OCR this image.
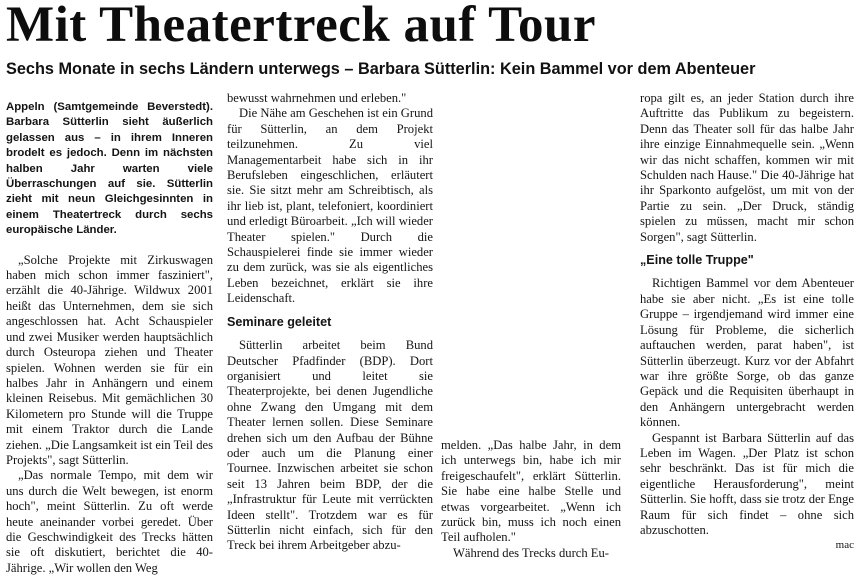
Mit Theatertreck auf Tour
Sechs Monate in sechs Ländern unterwegs – Barbara Sütterlin: Kein Bammel vor dem Abenteuer

Appeln (Samtgemeinde Beverstedt). Barbara Sütterlin sieht äußerlich gelassen aus – in ihrem Inneren brodelt es jedoch. Denn im nächsten halben Jahr warten viele Überraschungen auf sie. Sütterlin zieht mit neun Gleichgesinnten in einem Theatertreck durch sechs europäische Länder.

„Solche Projekte mit Zirkuswagen haben mich schon immer fasziniert", erzählt die 40-Jährige. Wildwux 2001 heißt das Unternehmen, dem sie sich angeschlossen hat. Acht Schauspieler und zwei Musiker werden hauptsächlich durch Osteuropa ziehen und Theater spielen. Wohnen werden sie für ein halbes Jahr in Anhängern und einem kleinen Reisebus. Mit gemächlichen 30 Kilometern pro Stunde will die Truppe mit einem Traktor durch die Lande ziehen. „Die Langsamkeit ist ein Teil des Projekts", sagt Sütterlin.

„Das normale Tempo, mit dem wir uns durch die Welt bewegen, ist enorm hoch", meint Sütterlin. Zu oft werde heute aneinander vorbei geredet. Über die Geschwindigkeit des Trecks hätten sie oft diskutiert, berichtet die 40-Jährige. „Wir wollen den Weg

bewusst wahrnehmen und erleben."

Die Nähe am Geschehen ist ein Grund für Sütterlin, an dem Projekt teilzunehmen. Zu viel Managementarbeit habe sich in ihr Berufsleben eingeschlichen, erläutert sie. Sie sitzt mehr am Schreibtisch, als ihr lieb ist, plant, telefoniert, koordiniert und erledigt Büroarbeit. „Ich will wieder Theater spielen." Durch die Schauspielerei finde sie immer wieder zu dem zurück, was sie als eigentliches Leben bezeichnet, erklärt sie ihre Leidenschaft.

Seminare geleitet

Sütterlin arbeitet beim Bund Deutscher Pfadfinder (BDP). Dort organisiert und leitet sie Theaterprojekte, bei denen Jugendliche ohne Zwang den Umgang mit dem Theater lernen sollen. Diese Seminare drehen sich um den Aufbau der Bühne oder auch um die Planung einer Tournee. Inzwischen arbeitet sie schon seit 13 Jahren beim BDP, der die „Infrastruktur für Leute mit verrückten Ideen stellt". Trotzdem war es für Sütterlin nicht einfach, sich für den Treck bei ihrem Arbeitgeber abzu-

melden. „Das halbe Jahr, in dem ich unterwegs bin, habe ich mir freigeschaufelt", erklärt Sütterlin. Sie habe eine halbe Stelle und etwas vorgearbeitet. „Wenn ich zurück bin, muss ich noch einen Teil aufholen."

Während des Trecks durch Eu-

ropa gilt es, an jeder Station durch ihre Auftritte das Publikum zu begeistern. Denn das Theater soll für das halbe Jahr ihre einzige Einnahmequelle sein. „Wenn wir das nicht schaffen, kommen wir mit Schulden nach Hause." Die 40-Jährige hat ihr Sparkonto aufgelöst, um mit von der Partie zu sein. „Der Druck, ständig spielen zu müssen, macht mir schon Sorgen", sagt Sütterlin.

„Eine tolle Truppe"

Richtigen Bammel vor dem Abenteuer habe sie aber nicht. „Es ist eine tolle Gruppe – irgendjemand wird immer eine Lösung für Probleme, die sicherlich auftauchen werden, parat haben", ist Sütterlin überzeugt. Kurz vor der Abfahrt war ihre größte Sorge, ob das ganze Gepäck und die Requisiten überhaupt in den Anhängern untergebracht werden können.

Gespannt ist Barbara Sütterlin auf das Leben im Wagen. „Der Platz ist schon sehr beschränkt. Das ist für mich die eigentliche Herausforderung", meint Sütterlin. Sie hofft, dass sie trotz der Enge Raum für sich findet – ohne sich abzuschotten.

mac
